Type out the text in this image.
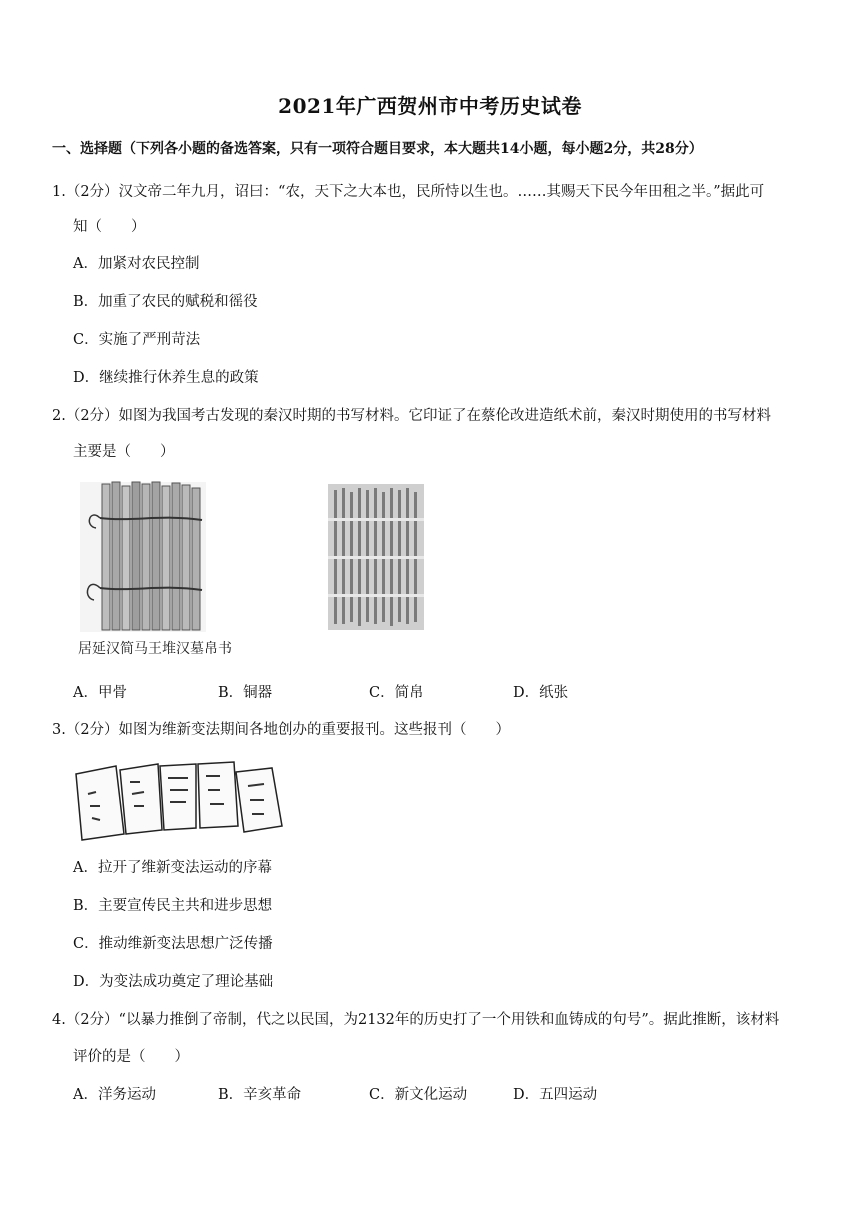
2021年广西贺州市中考历史试卷
一、选择题（下列各小题的备选答案，只有一项符合题目要求，本大题共14小题，每小题2分，共28分）
1.（2分）汉文帝二年九月，诏曰：“农，天下之大本也，民所恃以生也。……其赐天下民今年田租之半。”据此可
知（　　）
A．加紧对农民控制
B．加重了农民的赋税和徭役
C．实施了严刑苛法
D．继续推行休养生息的政策
2.（2分）如图为我国考古发现的秦汉时期的书写材料。它印证了在蔡伦改进造纸术前，秦汉时期使用的书写材料
主要是（　　）
居延汉简马王堆汉墓帛书
A．甲骨	B．铜器	C．简帛	D．纸张
3.（2分）如图为维新变法期间各地创办的重要报刊。这些报刊（　　）
A．拉开了维新变法运动的序幕
B．主要宣传民主共和进步思想
C．推动维新变法思想广泛传播
D．为变法成功奠定了理论基础
4.（2分）“以暴力推倒了帝制，代之以民国，为2132年的历史打了一个用铁和血铸成的句号”。据此推断，该材料
评价的是（　　）
A．洋务运动	B．辛亥革命	C．新文化运动	D．五四运动
